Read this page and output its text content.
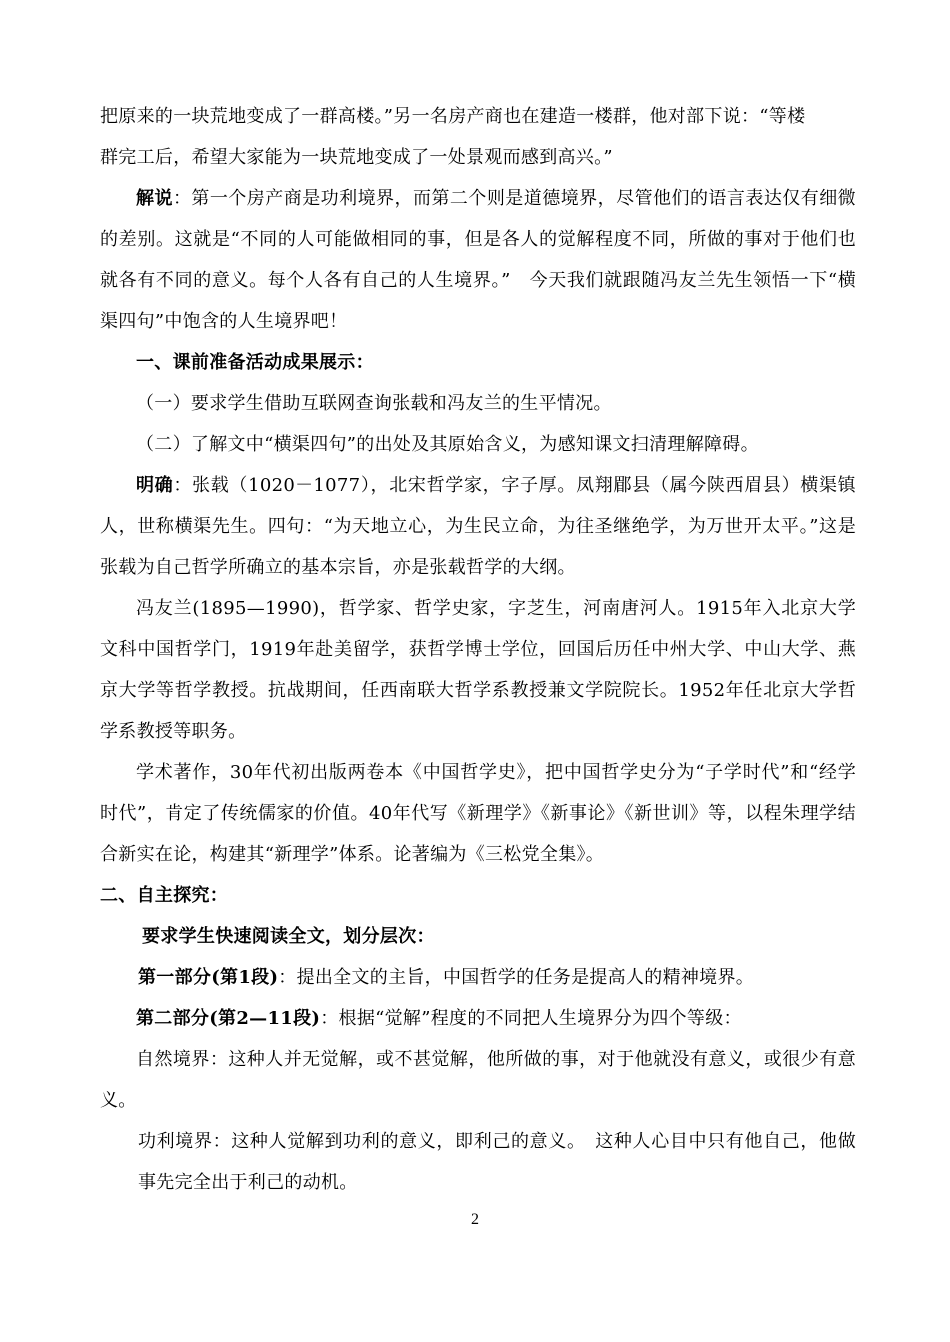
把原来的一块荒地变成了一群高楼。”另一名房产商也在建造一楼群，他对部下说：“等楼

群完工后，希望大家能为一块荒地变成了一处景观而感到高兴。”

解说：第一个房产商是功利境界，而第二个则是道德境界，尽管他们的语言表达仅有细微的差别。这就是“不同的人可能做相同的事，但是各人的觉解程度不同，所做的事对于他们也就各有不同的意义。每个人各有自己的人生境界。”　今天我们就跟随冯友兰先生领悟一下“横渠四句”中饱含的人生境界吧！

一、课前准备活动成果展示：

（一）要求学生借助互联网查询张载和冯友兰的生平情况。

（二）了解文中“横渠四句”的出处及其原始含义，为感知课文扫清理解障碍。

明确：张载（1020－1077），北宋哲学家，字子厚。凤翔郿县（属今陕西眉县）横渠镇人，世称横渠先生。四句：“为天地立心，为生民立命，为往圣继绝学，为万世开太平。”这是张载为自己哲学所确立的基本宗旨，亦是张载哲学的大纲。

冯友兰(1895—1990)，哲学家、哲学史家，字芝生，河南唐河人。1915年入北京大学文科中国哲学门，1919年赴美留学，获哲学博士学位，回国后历任中州大学、中山大学、燕京大学等哲学教授。抗战期间，任西南联大哲学系教授兼文学院院长。1952年任北京大学哲学系教授等职务。

学术著作，30年代初出版两卷本《中国哲学史》，把中国哲学史分为“子学时代”和“经学时代”，肯定了传统儒家的价值。40年代写《新理学》《新事论》《新世训》等，以程朱理学结合新实在论，构建其“新理学”体系。论著编为《三松党全集》。

二、自主探究：

要求学生快速阅读全文，划分层次：

第一部分(第1段)：提出全文的主旨，中国哲学的任务是提高人的精神境界。

第二部分(第2—11段)：根据“觉解”程度的不同把人生境界分为四个等级：

自然境界：这种人并无觉解，或不甚觉解，他所做的事，对于他就没有意义，或很少有意义。

功利境界：这种人觉解到功利的意义，即利己的意义。　这种人心目中只有他自己，他做事先完全出于利己的动机。

2
